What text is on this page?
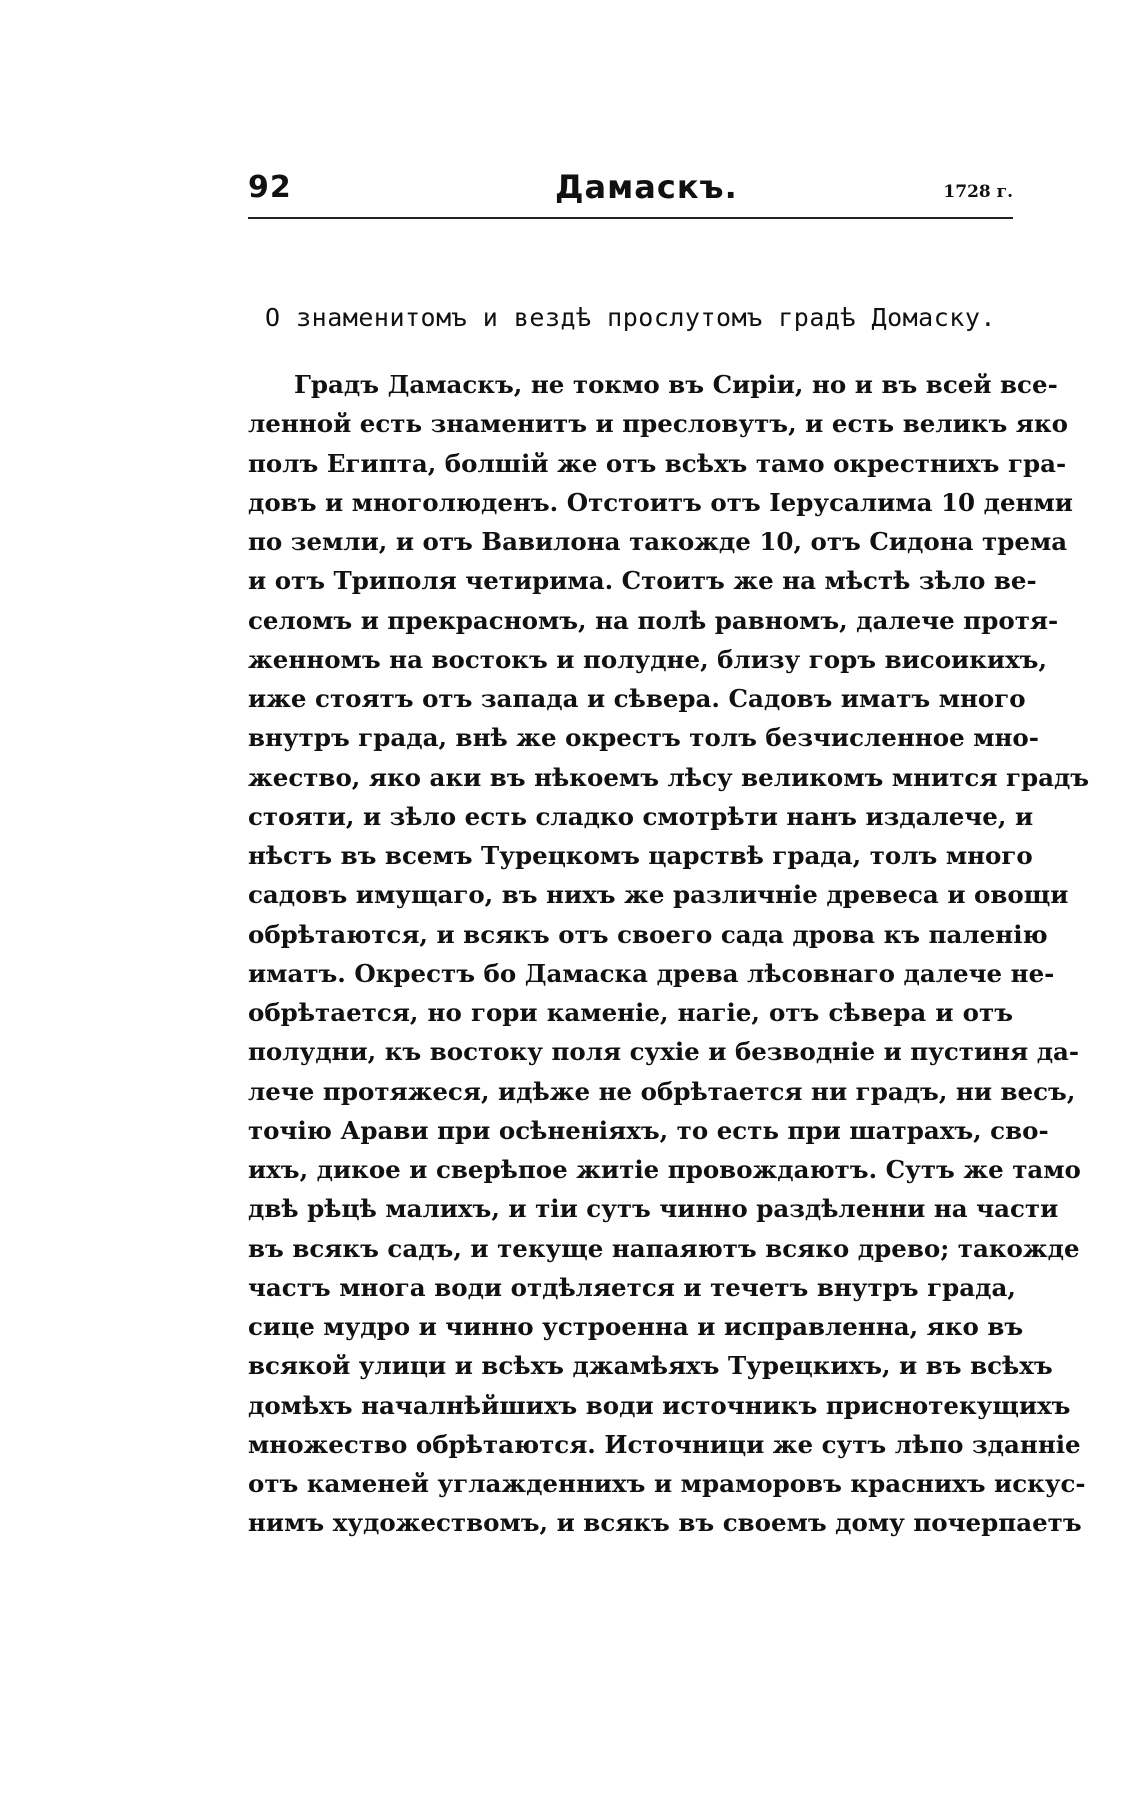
92	Дамаскъ.	1728 г.
О знаменитомъ и вездѣ прослутомъ градѣ Домаску.
Градъ Дамаскъ, не токмо въ Сиріи, но и въ всей все-
ленной есть знаменитъ и пресловутъ, и есть великъ яко
полъ Египта, болшій же отъ всѣхъ тамо окрестнихъ гра-
довъ и многолюденъ. Отстоитъ отъ Іерусалима 10 денми
по земли, и отъ Вавилона такожде 10, отъ Сидона трема
и отъ Триполя четирима. Стоитъ же на мѣстѣ зѣло ве-
селомъ и прекрасномъ, на полѣ равномъ, далече протя-
женномъ на востокъ и полудне, близу горъ висоикихъ,
иже стоятъ отъ запада и сѣвера. Садовъ иматъ много
внутръ града, внѣ же окрестъ толъ безчисленное мно-
жество, яко аки въ нѣкоемъ лѣсу великомъ мнится градъ
стояти, и зѣло есть сладко смотрѣти нанъ издалече, и
нѣстъ въ всемъ Турецкомъ царствѣ града, толъ много
садовъ имущаго, въ нихъ же различніе древеса и овощи
обрѣтаются, и всякъ отъ своего сада дрова къ паленію
иматъ. Окрестъ бо Дамаска древа лѣсовнаго далече не-
обрѣтается, но гори каменіе, нагіе, отъ сѣвера и отъ
полудни, къ востоку поля сухіе и безводніе и пустиня да-
лече протяжеся, идѣже не обрѣтается ни градъ, ни весъ,
точію Арави при осѣненіяхъ, то есть при шатрахъ, сво-
ихъ, дикое и сверѣпое житіе провождаютъ. Сутъ же тамо
двѣ рѣцѣ малихъ, и тіи сутъ чинно раздѣленни на части
въ всякъ садъ, и текуще напаяютъ всяко древо; такожде
частъ многа води отдѣляется и течетъ внутръ града,
сице мудро и чинно устроенна и исправленна, яко въ
всякой улици и всѣхъ джамѣяхъ Турецкихъ, и въ всѣхъ
домѣхъ началнѣйшихъ води источникъ приснотекущихъ
множество обрѣтаются. Источници же сутъ лѣпо зданніе
отъ каменей углажденнихъ и мраморовъ краснихъ искус-
нимъ художествомъ, и всякъ въ своемъ дому почерпаетъ
